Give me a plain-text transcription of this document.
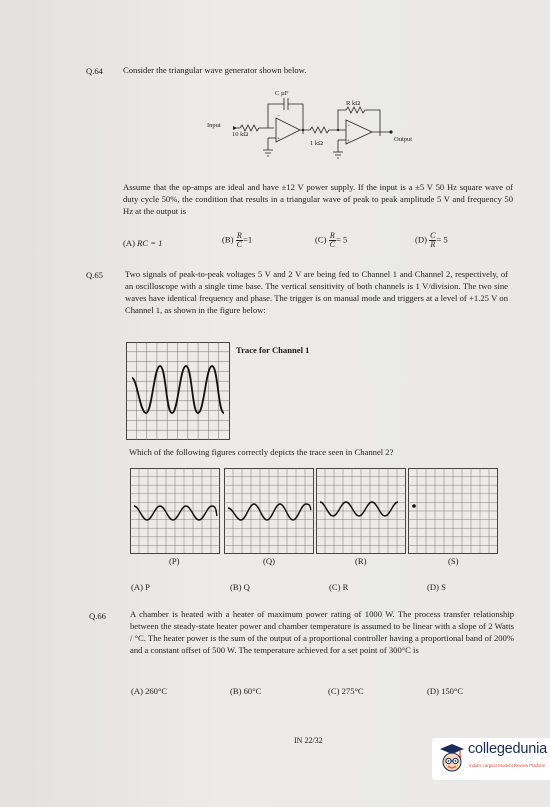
Q.64 Consider the triangular wave generator shown below.
−
+
−
+
C µF
R kΩ
Input
10 kΩ
1 kΩ
Output
Assume that the op-amps are ideal and have ±12 V power supply. If the input is a ±5 V 50 Hz square wave of duty cycle 50%, the condition that results in a triangular wave of peak to peak amplitude 5 V and frequency 50 Hz at the output is
(A) RC = 1	$(B) \frac{R}{C} =1$	$(C) \frac{R}{C} = 5$	$(D) \frac{C}{R} = 5$
Q.65	Two signals of peak-to-peak voltages 5 V and 2 V are being fed to Channel 1 and Channel 2, respectively, of an oscilloscope with a single time base. The vertical sensitivity of both channels is 1 V/division. The two sine waves have identical frequency and phase. The trigger is on manual mode and triggers at a level of +1.25 V on Channel 1, as shown in the figure below:
Trace for Channel 1
Which of the following figures correctly depicts the trace seen in Channel 2?
(P)	(Q)	(R)	(S)
(A) P	(B) Q	(C) R	(D) S
Q.66	A chamber is heated with a heater of maximum power rating of 1000 W. The process transfer relationship between the steady-state heater power and chamber temperature is assumed to be linear with a slope of 2 Watts / °C. The heater power is the sum of the output of a proportional controller having a proportional band of 200% and a constant offset of 500 W. The temperature achieved for a set point of 300°C is
(A) 260°C	(B) 60°C	(C) 275°C	(D) 150°C
IN 22/32
collegedunia
India's Largest Student Review Platform
